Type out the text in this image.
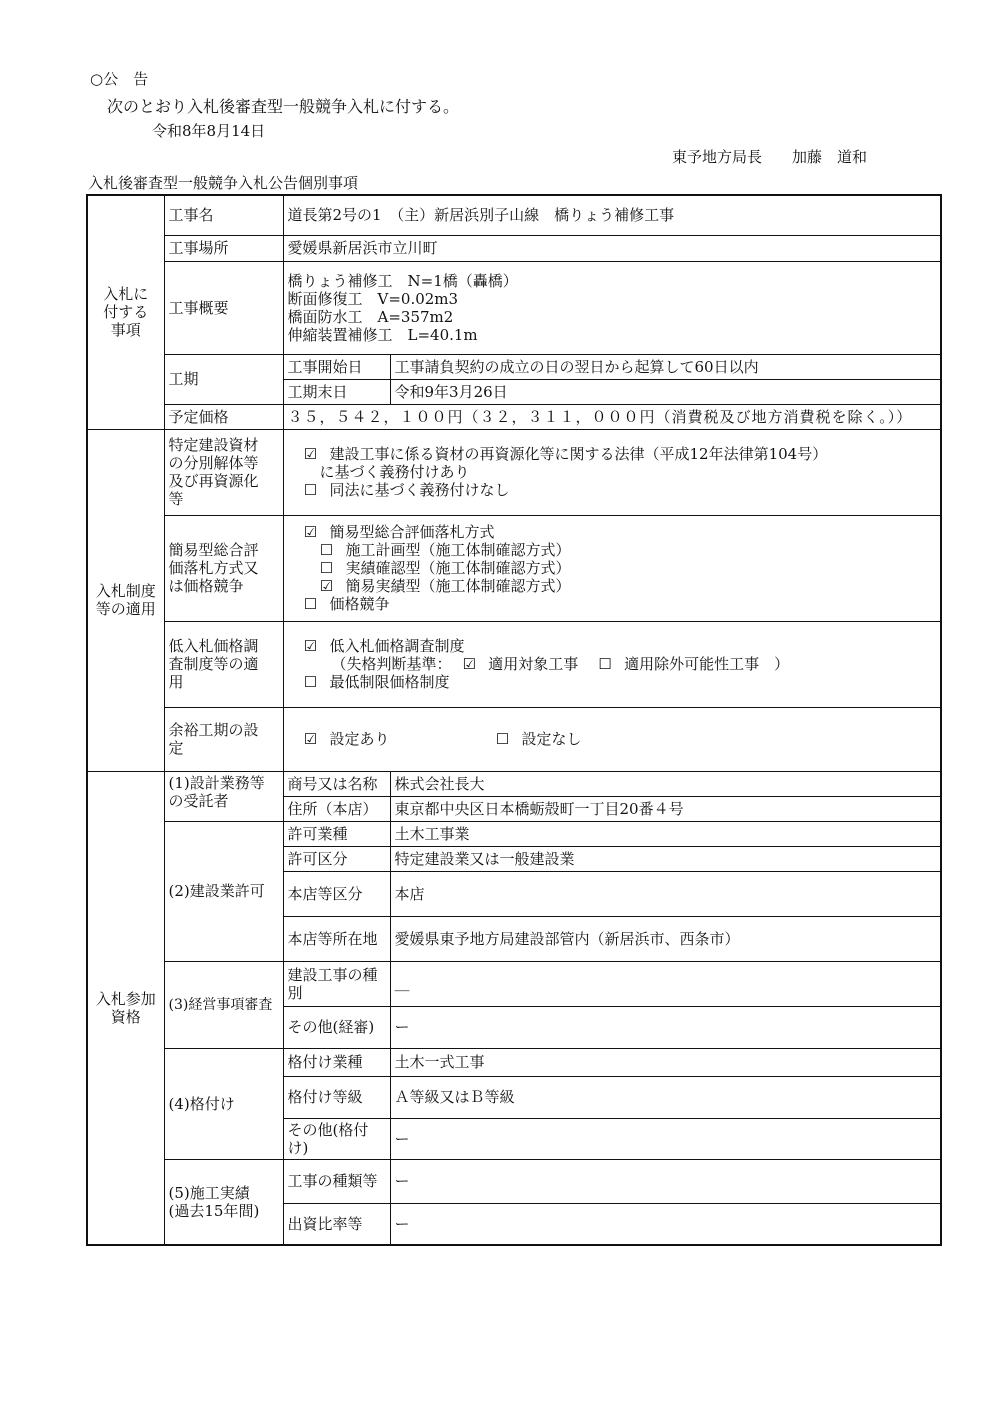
○公　告
次のとおり入札後審査型一般競争入札に付する。
令和8年8月14日
東予地方局長　　加藤　道和
入札後審査型一般競争入札公告個別事項
入札に
付する
事項	工事名	道長第2号の1　（主）新居浜別子山線　橋りょう補修工事	
	工事場所	愛媛県新居浜市立川町	
	工事概要	橋りょう補修工　N=1橋（轟橋）
断面修復工　V=0.02m3
橋面防水工　A=357m2
伸縮装置補修工　L=40.1m	
	工期	工事開始日	工事請負契約の成立の日の翌日から起算して60日以内
		工期末日	令和9年3月26日
	予定価格	３５，５４２，１００円（３２，３１１，０００円（消費税及び地方消費税を除く。））	
入札制度
等の適用	特定建設資材
の分別解体等
及び再資源化
等	☑ 建設工事に係る資材の再資源化等に関する法律（平成12年法律第104号）
に基づく義務付けあり
☐ 同法に基づく義務付けなし	

	簡易型総合評
価落札方式又
は価格競争	☑ 簡易型総合評価落札方式
☐ 施工計画型（施工体制確認方式）
☐ 実績確認型（施工体制確認方式）
☑ 簡易実績型（施工体制確認方式）
☐ 価格競争	

	低入札価格調
査制度等の適
用	☑ 低入札価格調査制度
（失格判断基準： ☑ 適用対象工事　 ☐ 適用除外可能性工事　）
☐ 最低制限価格制度	

	余裕工期の設
定	☑ 設定あり ☐ 設定なし	

入札参加
資格	(1)設計業務等
の受託者	商号又は名称	株式会社長大
		住所（本店）	東京都中央区日本橋蛎殻町一丁目20番４号
	(2)建設業許可	許可業種	土木工事業
		許可区分	特定建設業又は一般建設業
		本店等区分	本店
		本店等所在地	愛媛県東予地方局建設部管内（新居浜市、西条市）
	(3)経営事項審査	建設工事の種
別	＿
		その他(経審)	ー
	(4)格付け	格付け業種	土木一式工事
		格付け等級	Ａ等級又はＢ等級
		その他(格付け)	ー
	(5)施工実績
(過去15年間)	工事の種類等	ー
		出資比率等	ー
